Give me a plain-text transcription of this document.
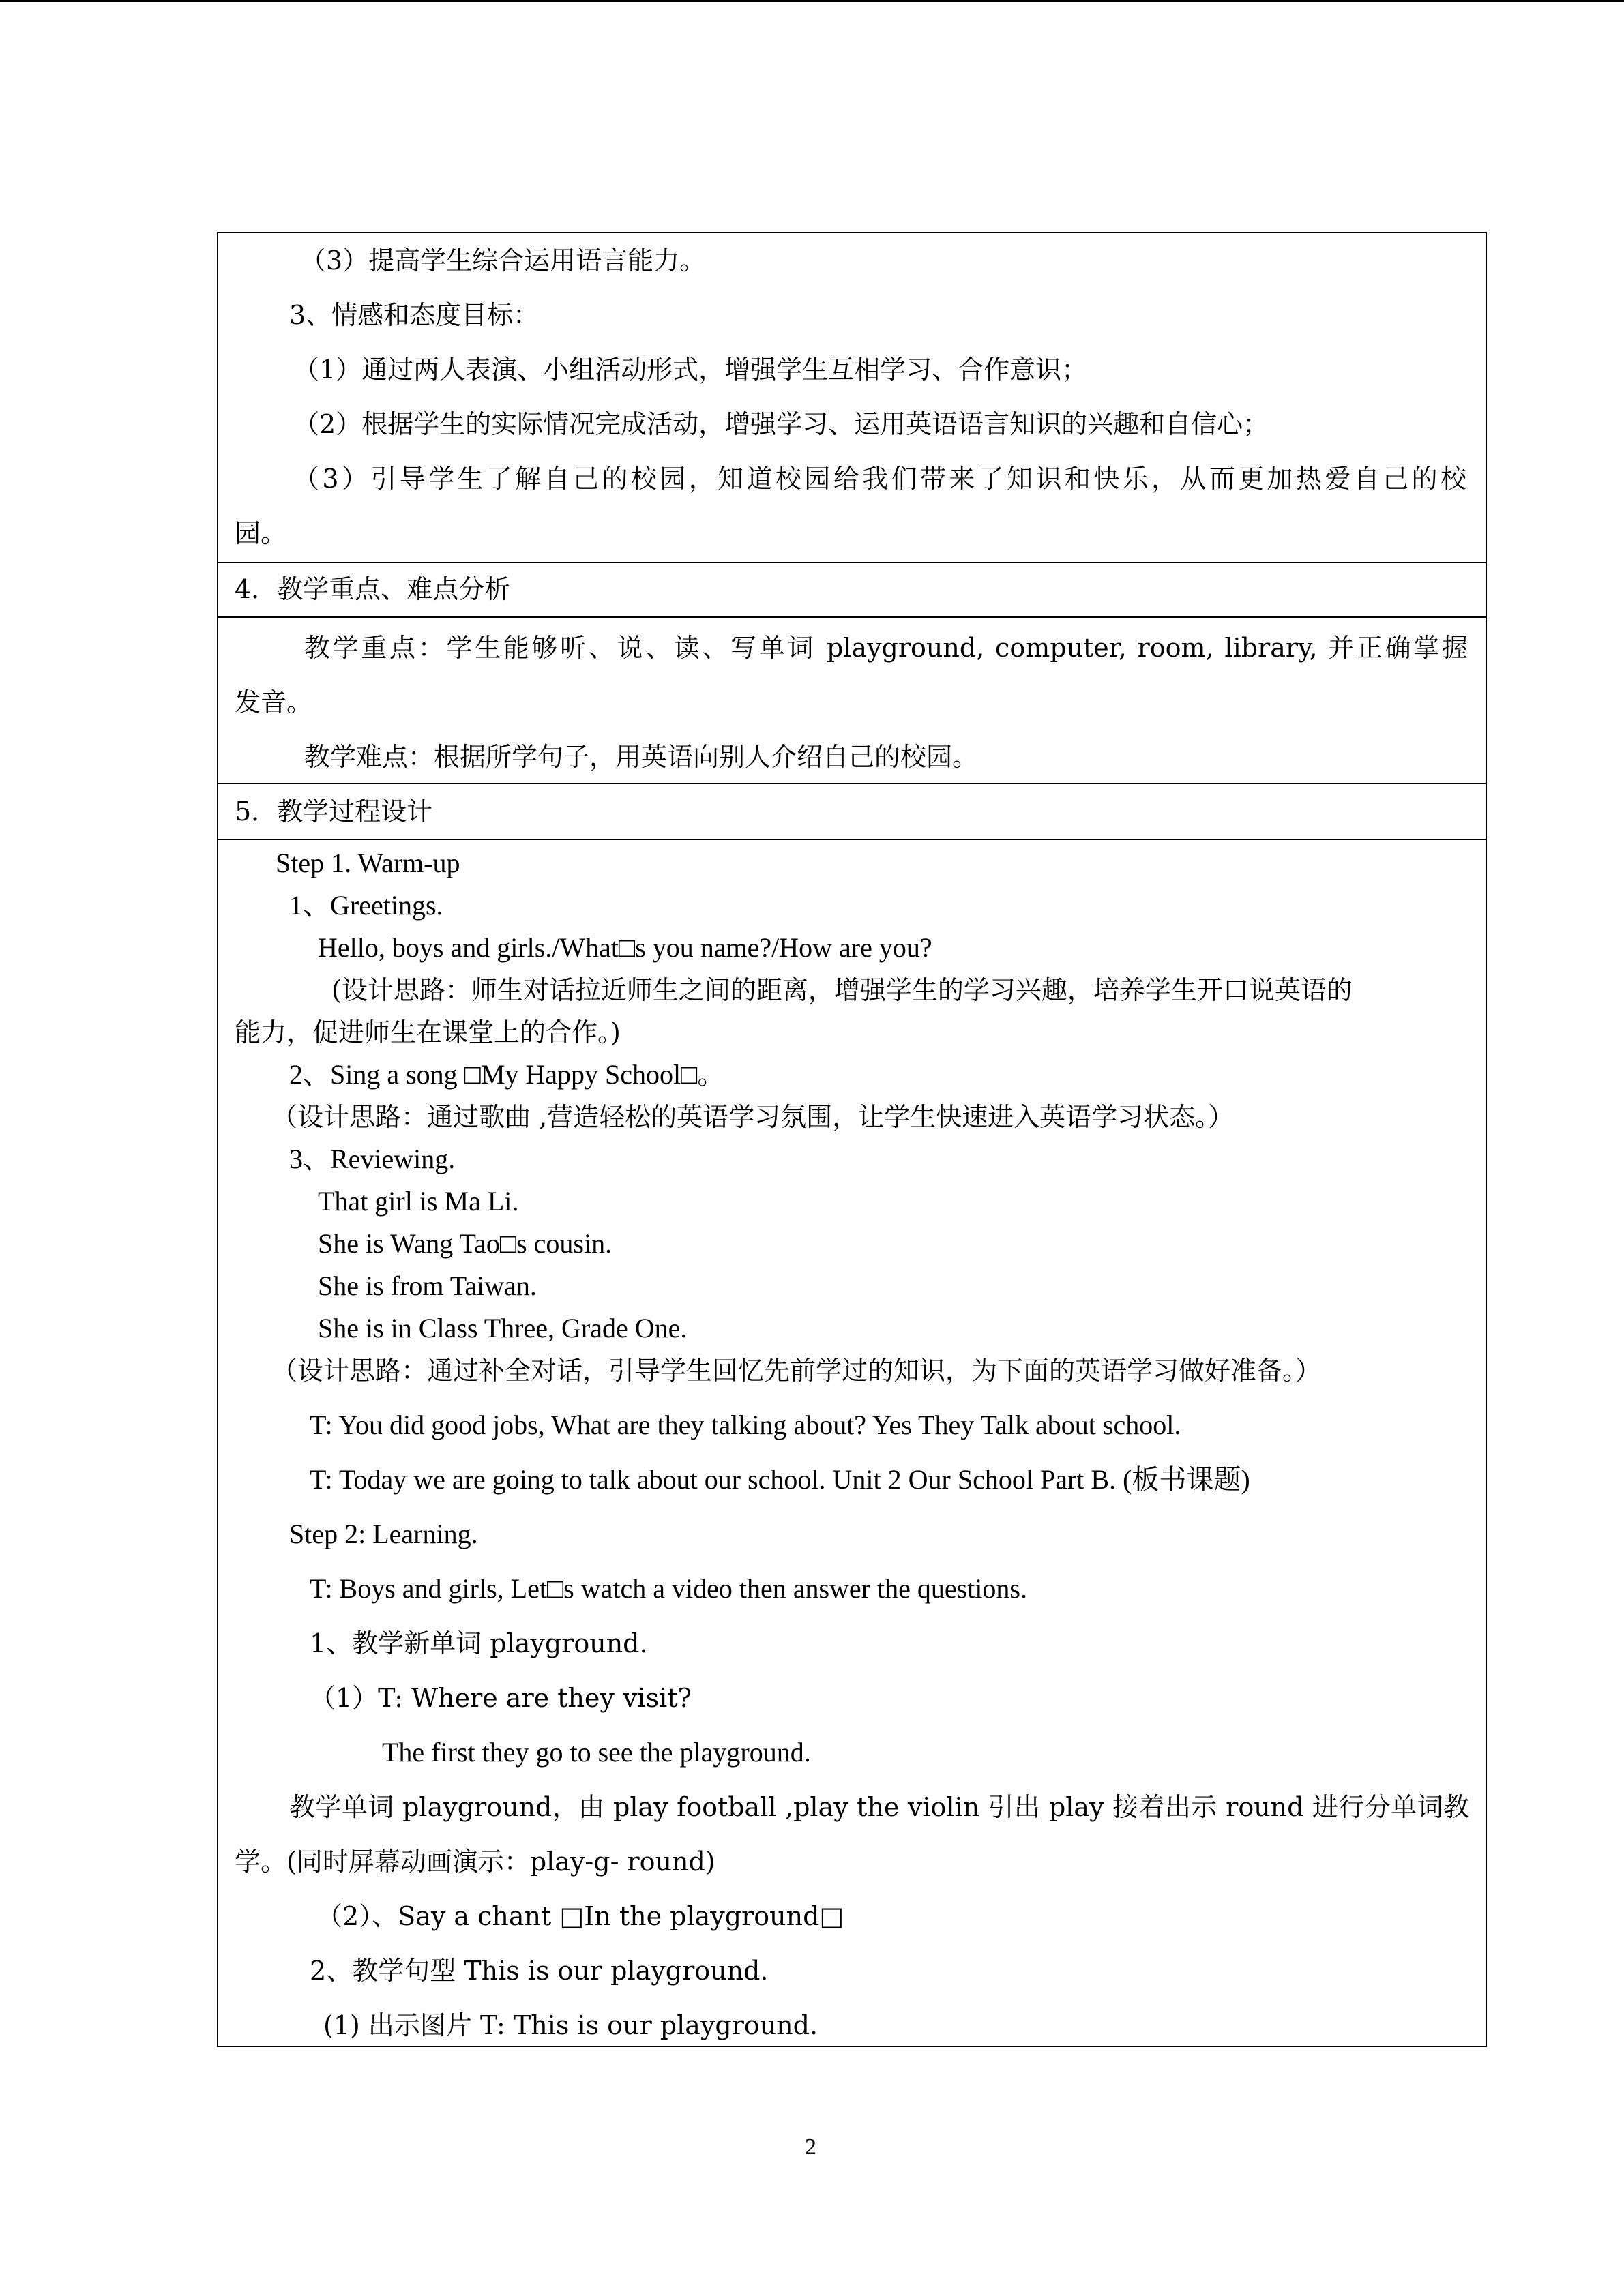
（3）提高学生综合运用语言能力。
3、情感和态度目标：
（1）通过两人表演、小组活动形式，增强学生互相学习、合作意识；
（2）根据学生的实际情况完成活动，增强学习、运用英语语言知识的兴趣和自信心；
（3）引导学生了解自己的校园，知道校园给我们带来了知识和快乐，从而更加热爱自己的校
园。
4．教学重点、难点分析
教学重点：学生能够听、说、读、写单词 playground, computer, room, library, 并正确掌握
发音。
教学难点：根据所学句子，用英语向别人介绍自己的校园。
5．教学过程设计
Step 1. Warm-up
1、Greetings.
Hello, boys and girls./What□s you name?/How are you?
(设计思路：师生对话拉近师生之间的距离，增强学生的学习兴趣，培养学生开口说英语的
能力，促进师生在课堂上的合作。)
2、Sing a song □My Happy School□。
（设计思路：通过歌曲 ,营造轻松的英语学习氛围，让学生快速进入英语学习状态。）
3、Reviewing.
That girl is Ma Li.
She is Wang Tao□s cousin.
She is from Taiwan.
She is in Class Three, Grade One.
（设计思路：通过补全对话，引导学生回忆先前学过的知识，为下面的英语学习做好准备。）
T: You did good jobs, What are they talking about? Yes They Talk about school.
T: Today we are going to talk about our school. Unit 2 Our School Part B. (板书课题)
Step 2: Learning.
T: Boys and girls, Let□s watch a video then answer the questions.
1、教学新单词 playground.
（1）T: Where are they visit?
The first they go to see the playground.
教学单词 playground，由 play football ,play the violin 引出 play 接着出示 round 进行分单词教
学。(同时屏幕动画演示：play-g- round)
（2）、Say a chant □In the playground□
2、教学句型 This is our playground.
(1) 出示图片 T: This is our playground.
2
